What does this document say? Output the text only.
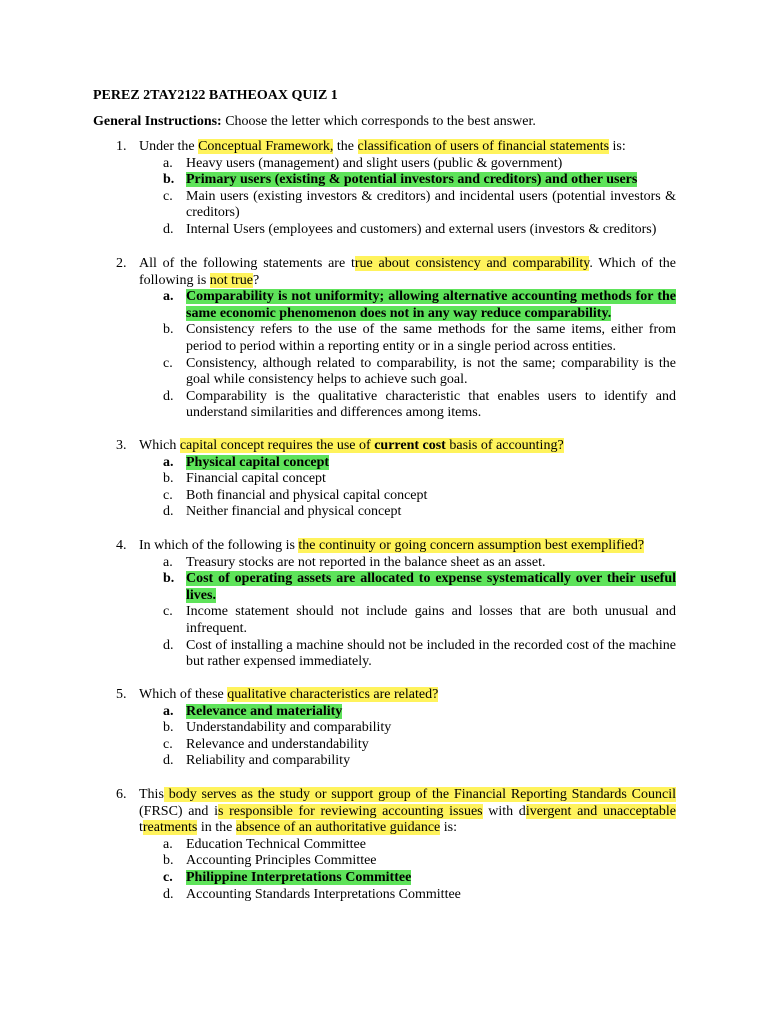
PEREZ 2TAY2122 BATHEOAX QUIZ 1
General Instructions: Choose the letter which corresponds to the best answer.
1. Under the Conceptual Framework, the classification of users of financial statements is:
a. Heavy users (management) and slight users (public & government)
b. Primary users (existing & potential investors and creditors) and other users
c. Main users (existing investors & creditors) and incidental users (potential investors & creditors)
d. Internal Users (employees and customers) and external users (investors & creditors)
2. All of the following statements are true about consistency and comparability. Which of the following is not true?
a. Comparability is not uniformity; allowing alternative accounting methods for the same economic phenomenon does not in any way reduce comparability.
b. Consistency refers to the use of the same methods for the same items, either from period to period within a reporting entity or in a single period across entities.
c. Consistency, although related to comparability, is not the same; comparability is the goal while consistency helps to achieve such goal.
d. Comparability is the qualitative characteristic that enables users to identify and understand similarities and differences among items.
3. Which capital concept requires the use of current cost basis of accounting?
a. Physical capital concept
b. Financial capital concept
c. Both financial and physical capital concept
d. Neither financial and physical concept
4. In which of the following is the continuity or going concern assumption best exemplified?
a. Treasury stocks are not reported in the balance sheet as an asset.
b. Cost of operating assets are allocated to expense systematically over their useful lives.
c. Income statement should not include gains and losses that are both unusual and infrequent.
d. Cost of installing a machine should not be included in the recorded cost of the machine but rather expensed immediately.
5. Which of these qualitative characteristics are related?
a. Relevance and materiality
b. Understandability and comparability
c. Relevance and understandability
d. Reliability and comparability
6. This body serves as the study or support group of the Financial Reporting Standards Council (FRSC) and is responsible for reviewing accounting issues with divergent and unacceptable treatments in the absence of an authoritative guidance is:
a. Education Technical Committee
b. Accounting Principles Committee
c. Philippine Interpretations Committee
d. Accounting Standards Interpretations Committee
